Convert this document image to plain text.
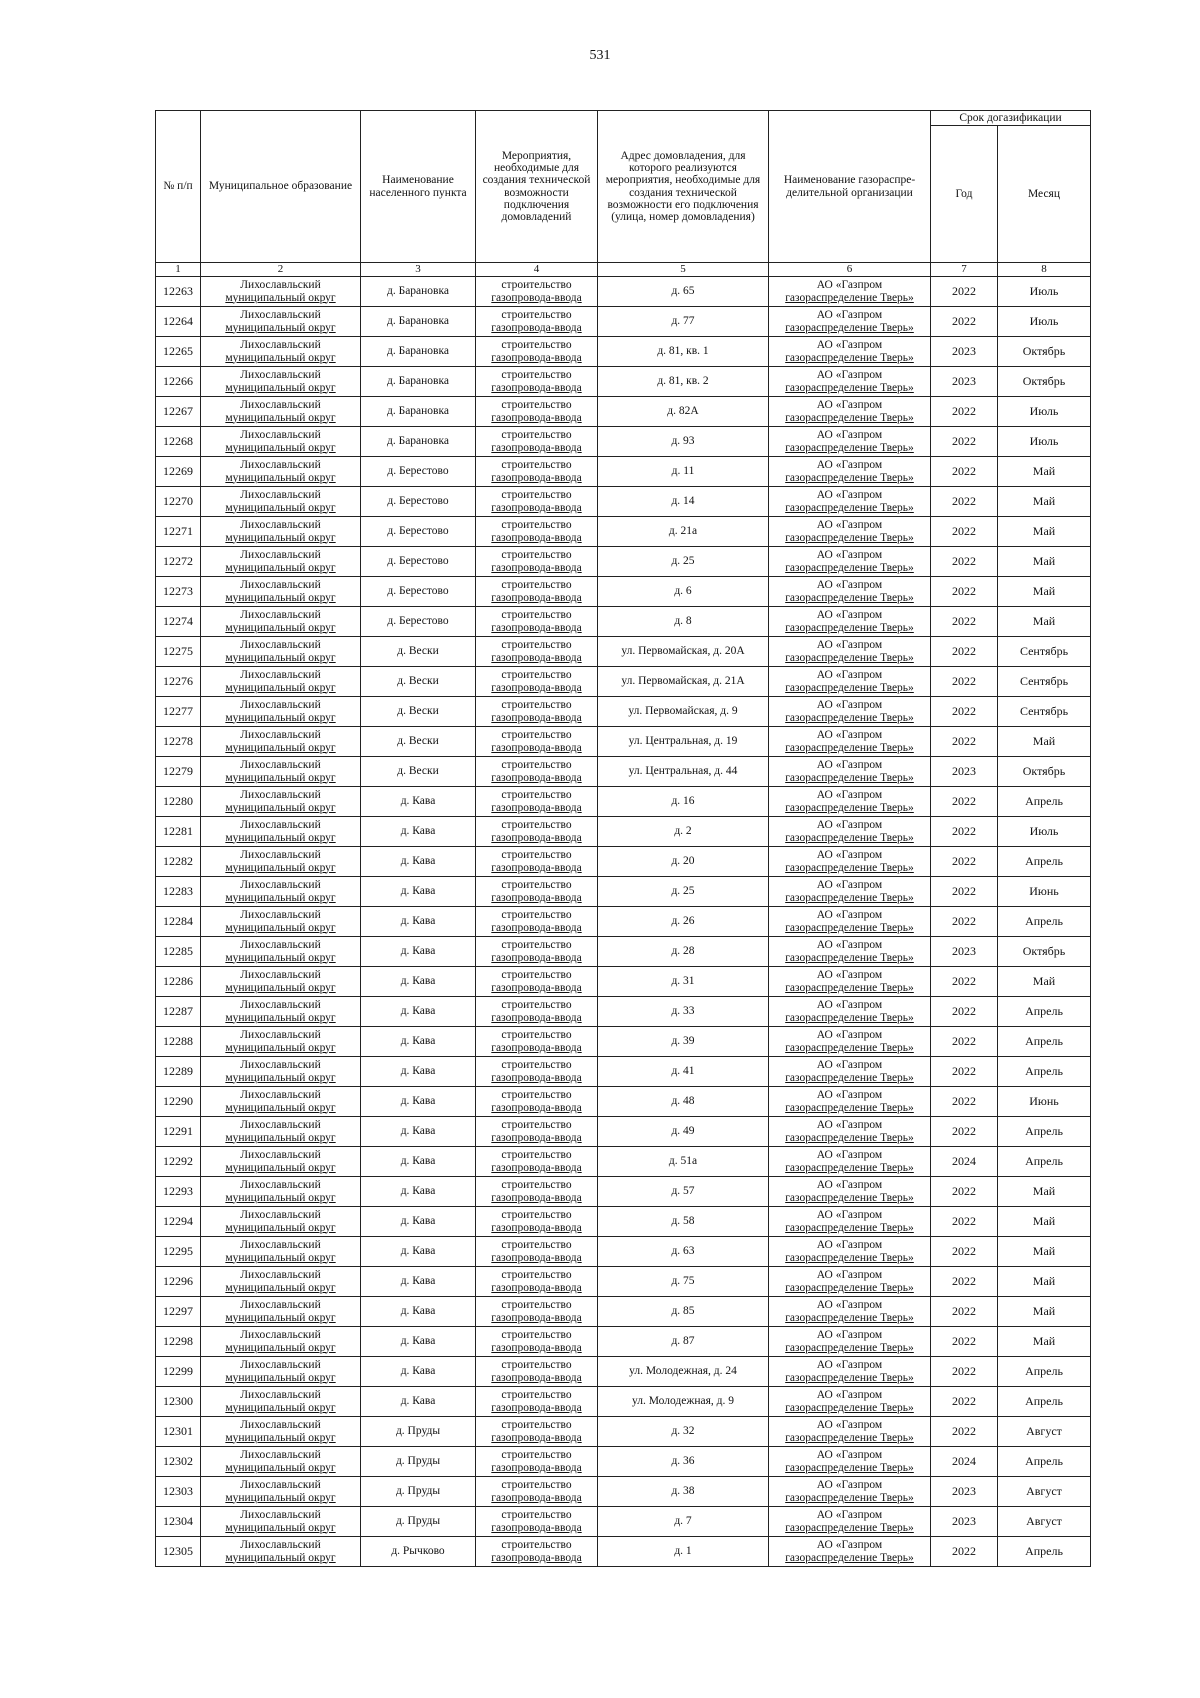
531
№ п/п	Муниципальное образование	Наименование населенного пункта	Мероприятия, необходимые для создания технической возможности подключения домовладений	Адрес домовладения, для которого реализуются мероприятия, необходимые для создания технической возможности его подключения (улица, номер домовладения)	Наименование газораспре-делительной организации	Срок догазификации	
						Год	Месяц
1	2	3	4	5	6	7	8
12263	Лихославльский
муниципальный округ	д. Барановка	строительство
газопровода-ввода	д. 65	АО «Газпром
газораспределение Тверь»	2022	Июль
12264	Лихославльский
муниципальный округ	д. Барановка	строительство
газопровода-ввода	д. 77	АО «Газпром
газораспределение Тверь»	2022	Июль
12265	Лихославльский
муниципальный округ	д. Барановка	строительство
газопровода-ввода	д. 81, кв. 1	АО «Газпром
газораспределение Тверь»	2023	Октябрь
12266	Лихославльский
муниципальный округ	д. Барановка	строительство
газопровода-ввода	д. 81, кв. 2	АО «Газпром
газораспределение Тверь»	2023	Октябрь
12267	Лихославльский
муниципальный округ	д. Барановка	строительство
газопровода-ввода	д. 82А	АО «Газпром
газораспределение Тверь»	2022	Июль
12268	Лихославльский
муниципальный округ	д. Барановка	строительство
газопровода-ввода	д. 93	АО «Газпром
газораспределение Тверь»	2022	Июль
12269	Лихославльский
муниципальный округ	д. Берестово	строительство
газопровода-ввода	д. 11	АО «Газпром
газораспределение Тверь»	2022	Май
12270	Лихославльский
муниципальный округ	д. Берестово	строительство
газопровода-ввода	д. 14	АО «Газпром
газораспределение Тверь»	2022	Май
12271	Лихославльский
муниципальный округ	д. Берестово	строительство
газопровода-ввода	д. 21а	АО «Газпром
газораспределение Тверь»	2022	Май
12272	Лихославльский
муниципальный округ	д. Берестово	строительство
газопровода-ввода	д. 25	АО «Газпром
газораспределение Тверь»	2022	Май
12273	Лихославльский
муниципальный округ	д. Берестово	строительство
газопровода-ввода	д. 6	АО «Газпром
газораспределение Тверь»	2022	Май
12274	Лихославльский
муниципальный округ	д. Берестово	строительство
газопровода-ввода	д. 8	АО «Газпром
газораспределение Тверь»	2022	Май
12275	Лихославльский
муниципальный округ	д. Вески	строительство
газопровода-ввода	ул. Первомайская, д. 20А	АО «Газпром
газораспределение Тверь»	2022	Сентябрь
12276	Лихославльский
муниципальный округ	д. Вески	строительство
газопровода-ввода	ул. Первомайская, д. 21А	АО «Газпром
газораспределение Тверь»	2022	Сентябрь
12277	Лихославльский
муниципальный округ	д. Вески	строительство
газопровода-ввода	ул. Первомайская, д. 9	АО «Газпром
газораспределение Тверь»	2022	Сентябрь
12278	Лихославльский
муниципальный округ	д. Вески	строительство
газопровода-ввода	ул. Центральная, д. 19	АО «Газпром
газораспределение Тверь»	2022	Май
12279	Лихославльский
муниципальный округ	д. Вески	строительство
газопровода-ввода	ул. Центральная, д. 44	АО «Газпром
газораспределение Тверь»	2023	Октябрь
12280	Лихославльский
муниципальный округ	д. Кава	строительство
газопровода-ввода	д. 16	АО «Газпром
газораспределение Тверь»	2022	Апрель
12281	Лихославльский
муниципальный округ	д. Кава	строительство
газопровода-ввода	д. 2	АО «Газпром
газораспределение Тверь»	2022	Июль
12282	Лихославльский
муниципальный округ	д. Кава	строительство
газопровода-ввода	д. 20	АО «Газпром
газораспределение Тверь»	2022	Апрель
12283	Лихославльский
муниципальный округ	д. Кава	строительство
газопровода-ввода	д. 25	АО «Газпром
газораспределение Тверь»	2022	Июнь
12284	Лихославльский
муниципальный округ	д. Кава	строительство
газопровода-ввода	д. 26	АО «Газпром
газораспределение Тверь»	2022	Апрель
12285	Лихославльский
муниципальный округ	д. Кава	строительство
газопровода-ввода	д. 28	АО «Газпром
газораспределение Тверь»	2023	Октябрь
12286	Лихославльский
муниципальный округ	д. Кава	строительство
газопровода-ввода	д. 31	АО «Газпром
газораспределение Тверь»	2022	Май
12287	Лихославльский
муниципальный округ	д. Кава	строительство
газопровода-ввода	д. 33	АО «Газпром
газораспределение Тверь»	2022	Апрель
12288	Лихославльский
муниципальный округ	д. Кава	строительство
газопровода-ввода	д. 39	АО «Газпром
газораспределение Тверь»	2022	Апрель
12289	Лихославльский
муниципальный округ	д. Кава	строительство
газопровода-ввода	д. 41	АО «Газпром
газораспределение Тверь»	2022	Апрель
12290	Лихославльский
муниципальный округ	д. Кава	строительство
газопровода-ввода	д. 48	АО «Газпром
газораспределение Тверь»	2022	Июнь
12291	Лихославльский
муниципальный округ	д. Кава	строительство
газопровода-ввода	д. 49	АО «Газпром
газораспределение Тверь»	2022	Апрель
12292	Лихославльский
муниципальный округ	д. Кава	строительство
газопровода-ввода	д. 51а	АО «Газпром
газораспределение Тверь»	2024	Апрель
12293	Лихославльский
муниципальный округ	д. Кава	строительство
газопровода-ввода	д. 57	АО «Газпром
газораспределение Тверь»	2022	Май
12294	Лихославльский
муниципальный округ	д. Кава	строительство
газопровода-ввода	д. 58	АО «Газпром
газораспределение Тверь»	2022	Май
12295	Лихославльский
муниципальный округ	д. Кава	строительство
газопровода-ввода	д. 63	АО «Газпром
газораспределение Тверь»	2022	Май
12296	Лихославльский
муниципальный округ	д. Кава	строительство
газопровода-ввода	д. 75	АО «Газпром
газораспределение Тверь»	2022	Май
12297	Лихославльский
муниципальный округ	д. Кава	строительство
газопровода-ввода	д. 85	АО «Газпром
газораспределение Тверь»	2022	Май
12298	Лихославльский
муниципальный округ	д. Кава	строительство
газопровода-ввода	д. 87	АО «Газпром
газораспределение Тверь»	2022	Май
12299	Лихославльский
муниципальный округ	д. Кава	строительство
газопровода-ввода	ул. Молодежная, д. 24	АО «Газпром
газораспределение Тверь»	2022	Апрель
12300	Лихославльский
муниципальный округ	д. Кава	строительство
газопровода-ввода	ул. Молодежная, д. 9	АО «Газпром
газораспределение Тверь»	2022	Апрель
12301	Лихославльский
муниципальный округ	д. Пруды	строительство
газопровода-ввода	д. 32	АО «Газпром
газораспределение Тверь»	2022	Август
12302	Лихославльский
муниципальный округ	д. Пруды	строительство
газопровода-ввода	д. 36	АО «Газпром
газораспределение Тверь»	2024	Апрель
12303	Лихославльский
муниципальный округ	д. Пруды	строительство
газопровода-ввода	д. 38	АО «Газпром
газораспределение Тверь»	2023	Август
12304	Лихославльский
муниципальный округ	д. Пруды	строительство
газопровода-ввода	д. 7	АО «Газпром
газораспределение Тверь»	2023	Август
12305	Лихославльский
муниципальный округ	д. Рычково	строительство
газопровода-ввода	д. 1	АО «Газпром
газораспределение Тверь»	2022	Апрель
